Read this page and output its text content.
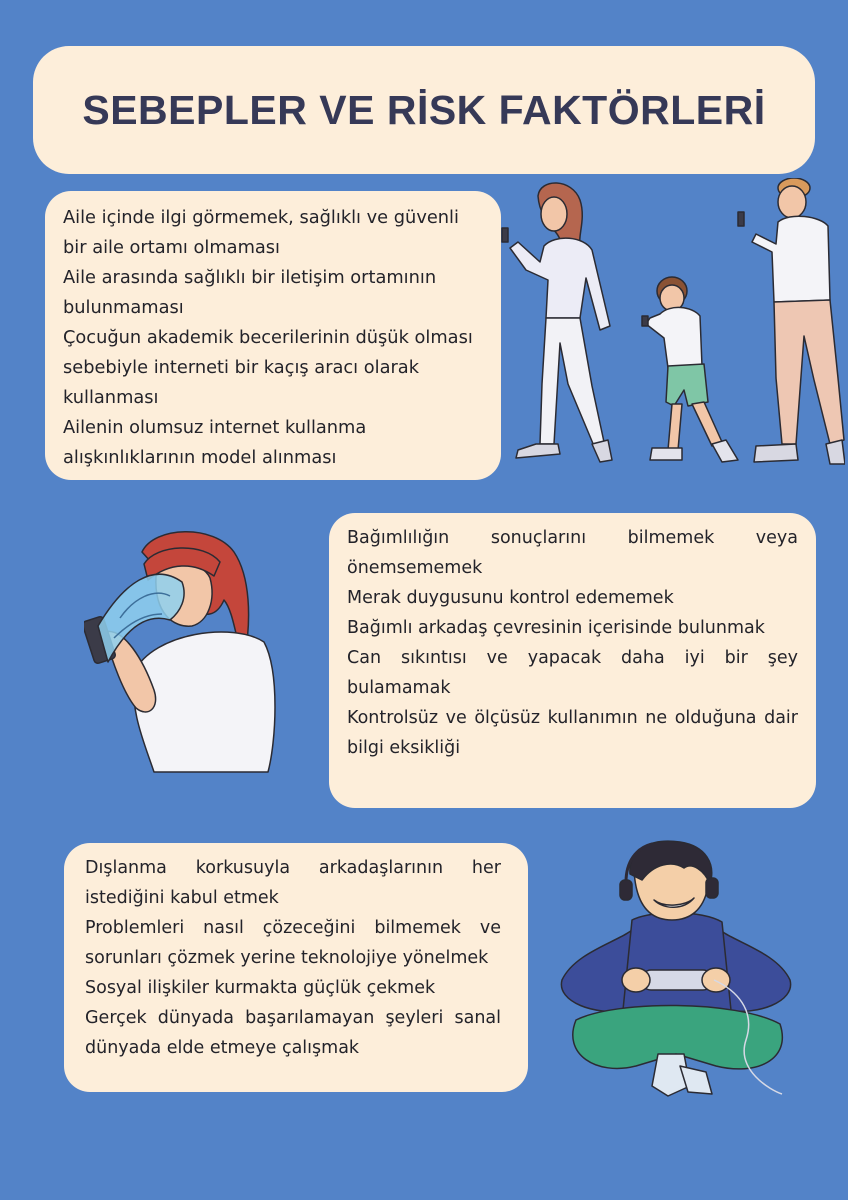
SEBEPLER VE RİSK FAKTÖRLERİ

Aile içinde ilgi görmemek, sağlıklı ve güvenli bir aile ortamı olmaması

Aile arasında sağlıklı bir iletişim ortamının bulunmaması

Çocuğun akademik becerilerinin düşük olması sebebiyle interneti bir kaçış aracı olarak kullanması

Ailenin olumsuz internet kullanma alışkınlıklarının model alınması

Bağımlılığın sonuçlarını bilmemek veya önemsememek

Merak duygusunu kontrol edememek

Bağımlı arkadaş çevresinin içerisinde bulunmak

Can sıkıntısı ve yapacak daha iyi bir şey bulamamak

Kontrolsüz ve ölçüsüz kullanımın ne olduğuna dair bilgi eksikliği

Dışlanma korkusuyla arkadaşlarının her istediğini kabul etmek

Problemleri nasıl çözeceğini bilmemek ve sorunları çözmek yerine teknolojiye yönelmek

Sosyal ilişkiler kurmakta güçlük çekmek

Gerçek dünyada başarılamayan şeyleri sanal dünyada elde etmeye çalışmak
